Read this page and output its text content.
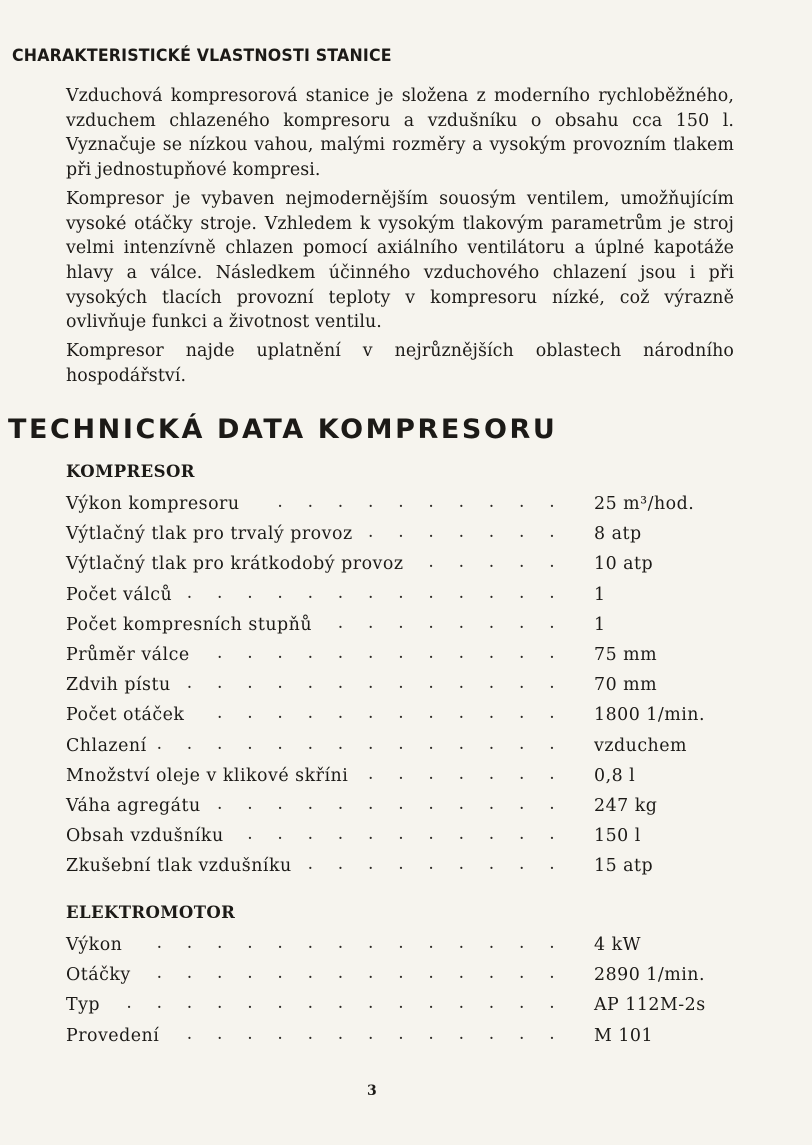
CHARAKTERISTICKÉ VLASTNOSTI STANICE

Vzduchová kompresorová stanice je složena z moderního rychloběžného, vzduchem chlazeného kompresoru a vzdušníku o obsahu cca 150 l. Vyznačuje se nízkou vahou, malými rozměry a vysokým provozním tlakem při jednostupňové kompresi.

Kompresor je vybaven nejmodernějším souosým ventilem, umožňujícím vysoké otáčky stroje. Vzhledem k vysokým tlakovým parametrům je stroj velmi intenzívně chlazen pomocí axiálního ventilátoru a úplné kapotáže hlavy a válce. Následkem účinného vzduchového chlazení jsou i při vysokých tlacích provozní teploty v kompresoru nízké, což výrazně ovlivňuje funkci a životnost ventilu.

Kompresor najde uplatnění v nejrůznějších oblastech národního hospodářství.

TECHNICKÁ DATA KOMPRESORU
KOMPRESOR
Výkon kompresoru . . . . . . . . . . 25 m³/hod.
Výtlačný tlak pro trvalý provoz . . . . . . . 8 atp
Výtlačný tlak pro krátkodobý provoz . . . . . 10 atp
Počet válců . . . . . . . . . . . . . 1
Počet kompresních stupňů . . . . . . . . 1
Průměr válce . . . . . . . . . . . . 75 mm
Zdvih pístu . . . . . . . . . . . . . 70 mm
Počet otáček . . . . . . . . . . . . 1800 1/min.
Chlazení . . . . . . . . . . . . . . vzduchem
Množství oleje v klikové skříni . . . . . . . 0,8 l
Váha agregátu . . . . . . . . . . . . 247 kg
Obsah vzdušníku . . . . . . . . . . . 150 l
Zkušební tlak vzdušníku . . . . . . . . . 15 atp
ELEKTROMOTOR
Výkon . . . . . . . . . . . . . . 4 kW
Otáčky . . . . . . . . . . . . . . 2890 1/min.
Typ . . . . . . . . . . . . . . . AP 112M-2s
Provedení . . . . . . . . . . . . . M 101
3
